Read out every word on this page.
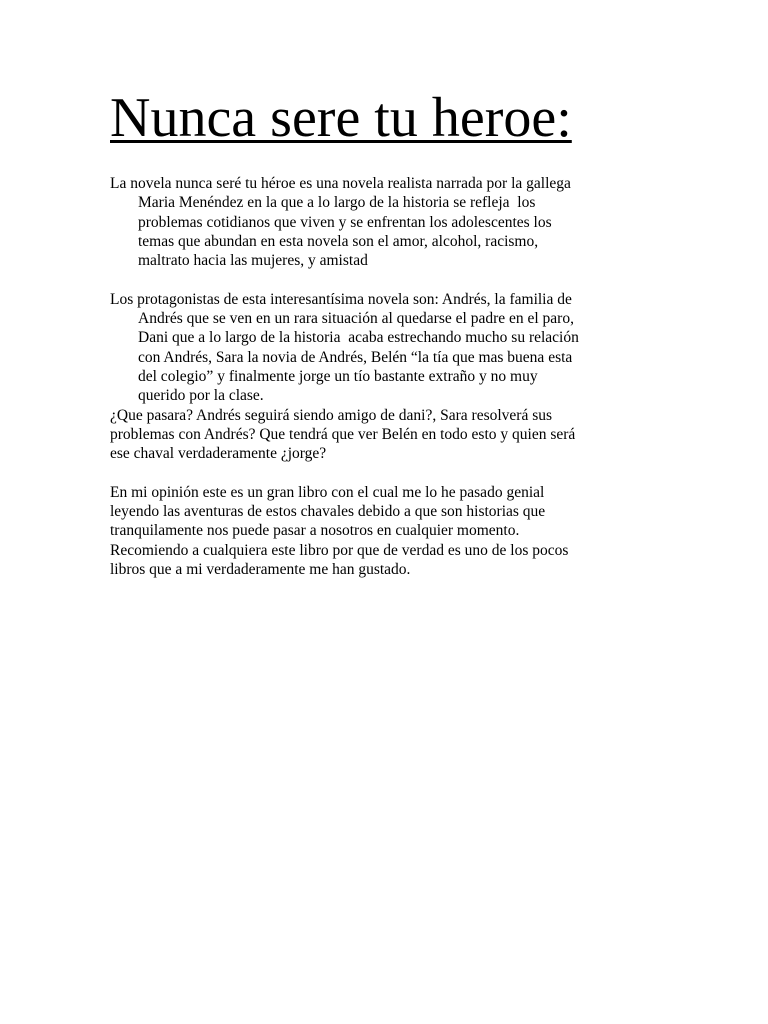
Nunca sere tu heroe:

La novela nunca seré tu héroe es una novela realista narrada por la gallega
Maria Menéndez en la que a lo largo de la historia se refleja  los
problemas cotidianos que viven y se enfrentan los adolescentes los
temas que abundan en esta novela son el amor, alcohol, racismo,
maltrato hacia las mujeres, y amistad

Los protagonistas de esta interesantísima novela son: Andrés, la familia de
Andrés que se ven en un rara situación al quedarse el padre en el paro,
Dani que a lo largo de la historia  acaba estrechando mucho su relación
con Andrés, Sara la novia de Andrés, Belén “la tía que mas buena esta
del colegio” y finalmente jorge un tío bastante extraño y no muy
querido por la clase.

¿Que pasara? Andrés seguirá siendo amigo de dani?, Sara resolverá sus
problemas con Andrés? Que tendrá que ver Belén en todo esto y quien será
ese chaval verdaderamente ¿jorge?

En mi opinión este es un gran libro con el cual me lo he pasado genial
leyendo las aventuras de estos chavales debido a que son historias que
tranquilamente nos puede pasar a nosotros en cualquier momento.
Recomiendo a cualquiera este libro por que de verdad es uno de los pocos
libros que a mi verdaderamente me han gustado.
